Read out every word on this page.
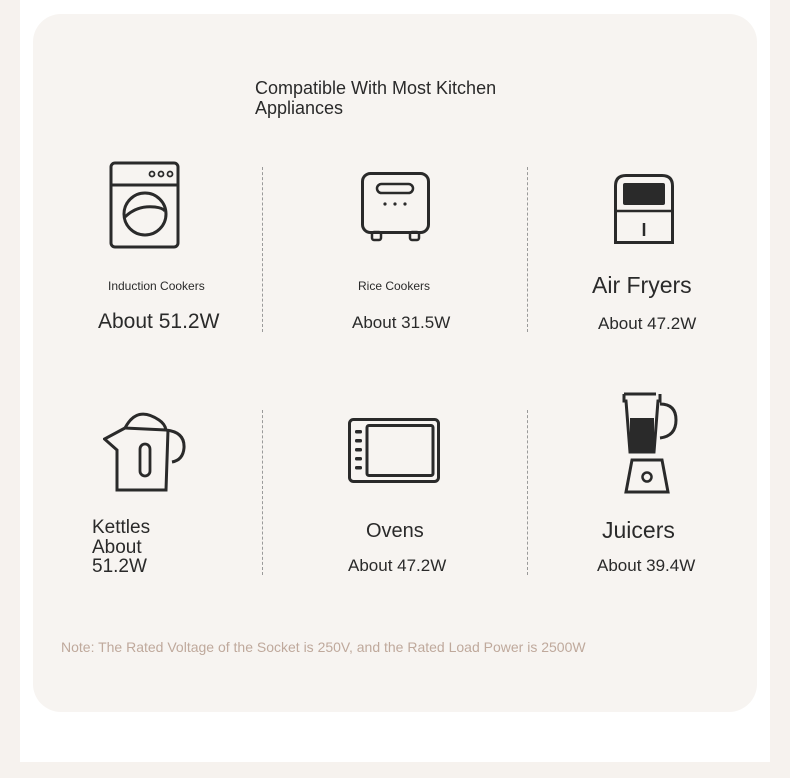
Compatible With Most Kitchen
Appliances
Induction Cookers
About 51.2W
Rice Cookers
About 31.5W
Air Fryers
About 47.2W
Kettles
About
51.2W
Ovens
About 47.2W
Juicers
About 39.4W
Note: The Rated Voltage of the Socket is 250V, and the Rated Load Power is 2500W
